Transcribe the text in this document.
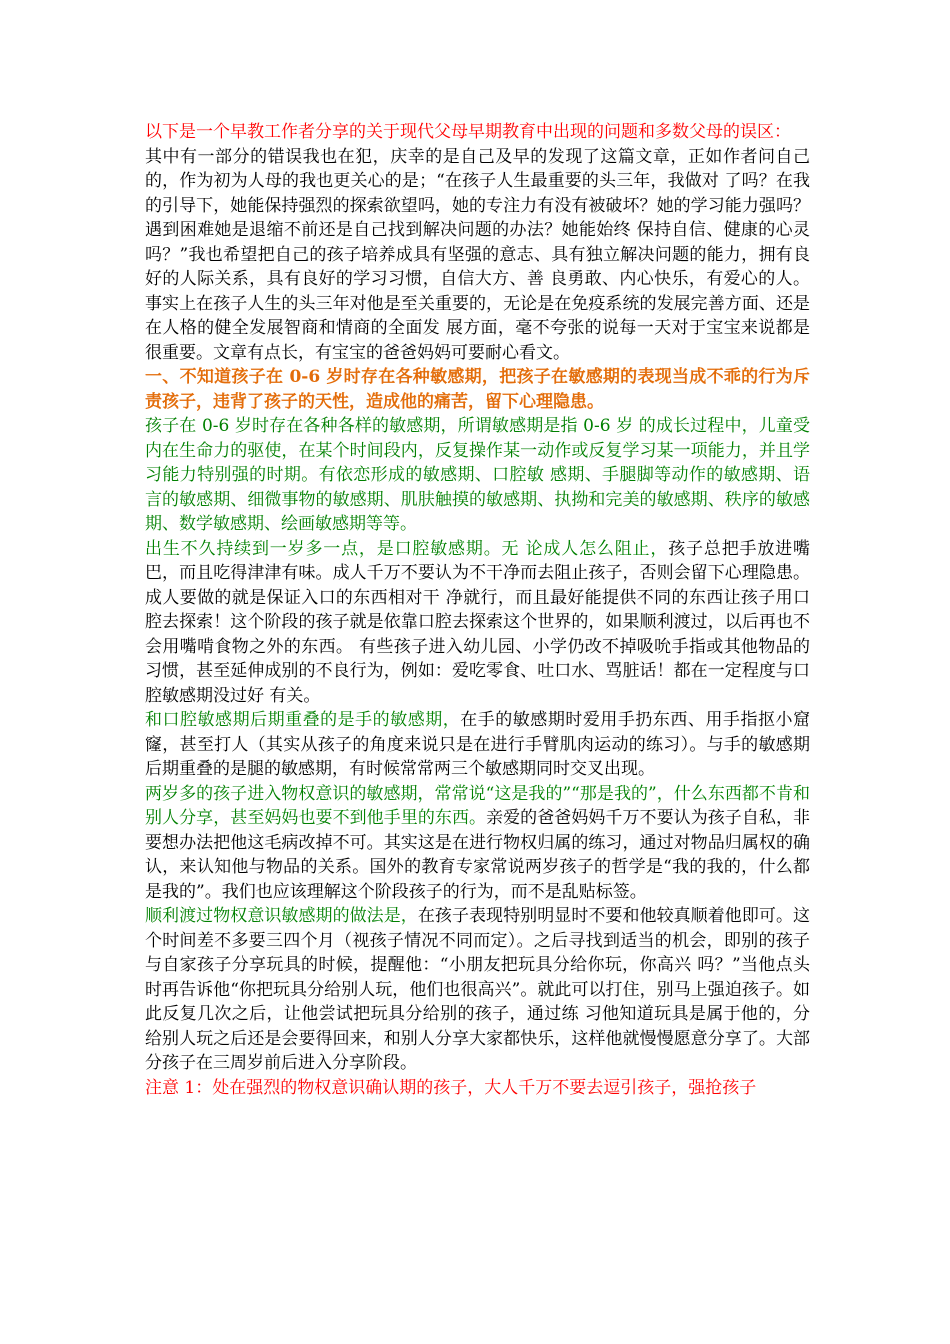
以下是一个早教工作者分享的关于现代父母早期教育中出现的问题和多数父母的误区：

其中有一部分的错误我也在犯，庆幸的是自己及早的发现了这篇文章，正如作者问自己的，作为初为人母的我也更关心的是；“在孩子人生最重要的头三年，我做对 了吗？在我的引导下，她能保持强烈的探索欲望吗，她的专注力有没有被破坏？她的学习能力强吗？遇到困难她是退缩不前还是自己找到解决问题的办法？她能始终 保持自信、健康的心灵吗？”我也希望把自己的孩子培养成具有坚强的意志、具有独立解决问题的能力，拥有良好的人际关系，具有良好的学习习惯，自信大方、善 良勇敢、内心快乐，有爱心的人。事实上在孩子人生的头三年对他是至关重要的，无论是在免疫系统的发展完善方面、还是在人格的健全发展智商和情商的全面发 展方面，毫不夸张的说每一天对于宝宝来说都是很重要。文章有点长，有宝宝的爸爸妈妈可要耐心看文。

一、不知道孩子在 0-6 岁时存在各种敏感期，把孩子在敏感期的表现当成不乖的行为斥责孩子，违背了孩子的天性，造成他的痛苦，留下心理隐患。

孩子在 0-6 岁时存在各种各样的敏感期，所谓敏感期是指 0-6 岁 的成长过程中，儿童受内在生命力的驱使，在某个时间段内，反复操作某一动作或反复学习某一项能力，并且学习能力特别强的时期。有依恋形成的敏感期、口腔敏 感期、手腿脚等动作的敏感期、语言的敏感期、细微事物的敏感期、肌肤触摸的敏感期、执拗和完美的敏感期、秩序的敏感期、数学敏感期、绘画敏感期等等。

出生不久持续到一岁多一点，是口腔敏感期。无 论成人怎么阻止，孩子总把手放进嘴巴，而且吃得津津有味。成人千万不要认为不干净而去阻止孩子，否则会留下心理隐患。成人要做的就是保证入口的东西相对干 净就行，而且最好能提供不同的东西让孩子用口腔去探索！这个阶段的孩子就是依靠口腔去探索这个世界的，如果顺利渡过，以后再也不会用嘴啃食物之外的东西。 有些孩子进入幼儿园、小学仍改不掉吸吮手指或其他物品的习惯，甚至延伸成别的不良行为，例如：爱吃零食、吐口水、骂脏话！都在一定程度与口腔敏感期没过好 有关。

和口腔敏感期后期重叠的是手的敏感期，在手的敏感期时爱用手扔东西、用手指抠小窟窿，甚至打人（其实从孩子的角度来说只是在进行手臂肌肉运动的练习）。与手的敏感期后期重叠的是腿的敏感期，有时候常常两三个敏感期同时交叉出现。

两岁多的孩子进入物权意识的敏感期，常常说“这是我的”“那是我的”，什么东西都不肯和别人分享，甚至妈妈也要不到他手里的东西。亲爱的爸爸妈妈千万不要认为孩子自私，非要想办法把他这毛病改掉不可。其实这是在进行物权归属的练习，通过对物品归属权的确认，来认知他与物品的关系。国外的教育专家常说两岁孩子的哲学是“我的我的，什么都是我的”。我们也应该理解这个阶段孩子的行为，而不是乱贴标签。

顺利渡过物权意识敏感期的做法是，在孩子表现特别明显时不要和他较真顺着他即可。这 个时间差不多要三四个月（视孩子情况不同而定）。之后寻找到适当的机会，即别的孩子与自家孩子分享玩具的时候，提醒他：“小朋友把玩具分给你玩，你高兴 吗？”当他点头时再告诉他“你把玩具分给别人玩，他们也很高兴”。就此可以打住，别马上强迫孩子。如此反复几次之后，让他尝试把玩具分给别的孩子，通过练 习他知道玩具是属于他的，分给别人玩之后还是会要得回来，和别人分享大家都快乐，这样他就慢慢愿意分享了。大部分孩子在三周岁前后进入分享阶段。

注意 1：处在强烈的物权意识确认期的孩子，大人千万不要去逗引孩子，强抢孩子
